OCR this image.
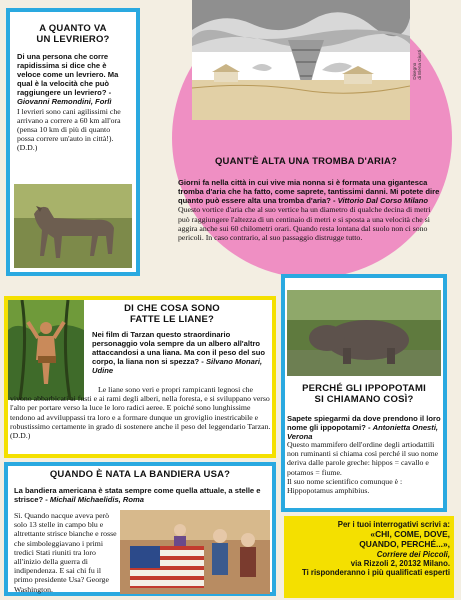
Disegno
di Elena Giusti
QUANT'È ALTA UNA TROMBA D'ARIA?

Giorni fa nella città in cui vive mia nonna si è formata una gigantesca tromba d'aria che ha fatto, come saprete, tantissimi danni. Mi potete dire quanto può essere alta una tromba d'aria? - Vittorio Dal Corso Milano

Questo vortice d'aria che al suo vertice ha un diametro di qualche decina di metri può raggiungere l'altezza di un centinaio di metri e si sposta a una velocità che si aggira anche sui 60 chilometri orari. Quando resta lontana dal suolo non ci sono pericoli. In caso contrario, al suo passaggio distrugge tutto.

A QUANTO VA
UN LEVRIERO?

Di una persona che corre rapidissima si dice che è veloce come un levriero. Ma qual è la velocità che può raggiungere un levriero? - Giovanni Remondini, Forlì

I levrieri sono cani agilissimi che arrivano a correre a 60 km all'ora (pensa 10 km di più di quanto possa correre un'auto in città!). (D.D.)

DI CHE COSA SONO
FATTE LE LIANE?

Nei film di Tarzan questo straordinario personaggio vola sempre da un albero all'altro attaccandosi a una liana. Ma con il peso del suo corpo, la liana non si spezza? - Silvano Monari, Udine

Le liane sono veri e propri rampicanti legnosi che vivono abbarbicati ai fusti e ai rami degli alberi, nella foresta, e si sviluppano verso l'alto per portare verso la luce le loro radici aeree. E poiché sono lunghissime tendono ad avviluppassi tra loro e a formare dunque un groviglio inestricabile e robustissimo certamente in grado di sostenere anche il peso del leggendario Tarzan. (D.D.)

PERCHÉ GLI IPPOPOTAMI
SI CHIAMANO COSÌ?

Sapete spiegarmi da dove prendono il loro nome gli ippopotami? - Antonietta Onesti, Verona

Questo mammifero dell'ordine degli artiodattili non ruminanti si chiama così perché il suo nome deriva dalle parole greche: hippos = cavallo e potamos = fiume.

Il suo nome scientifico comunque è : Hippopotamus amphibius.

QUANDO È NATA LA BANDIERA USA?

La bandiera americana è stata sempre come quella attuale, a stelle e strisce? - Michail Michaelidis, Roma

Sì. Quando nacque aveva però solo 13 stelle in campo blu e altrettante strisce bianche e rosse che simboleggiavano i primi tredici Stati riuniti tra loro all'inizio della guerra di indipendenza. E sai chi fu il primo presidente Usa? George Washington.

Per i tuoi interrogativi scrivi a:
«CHI, COME, DOVE,
QUANDO, PERCHÉ...»,
Corriere dei Piccoli,
via Rizzoli 2, 20132 Milano.
Ti risponderanno i più qualificati esperti
